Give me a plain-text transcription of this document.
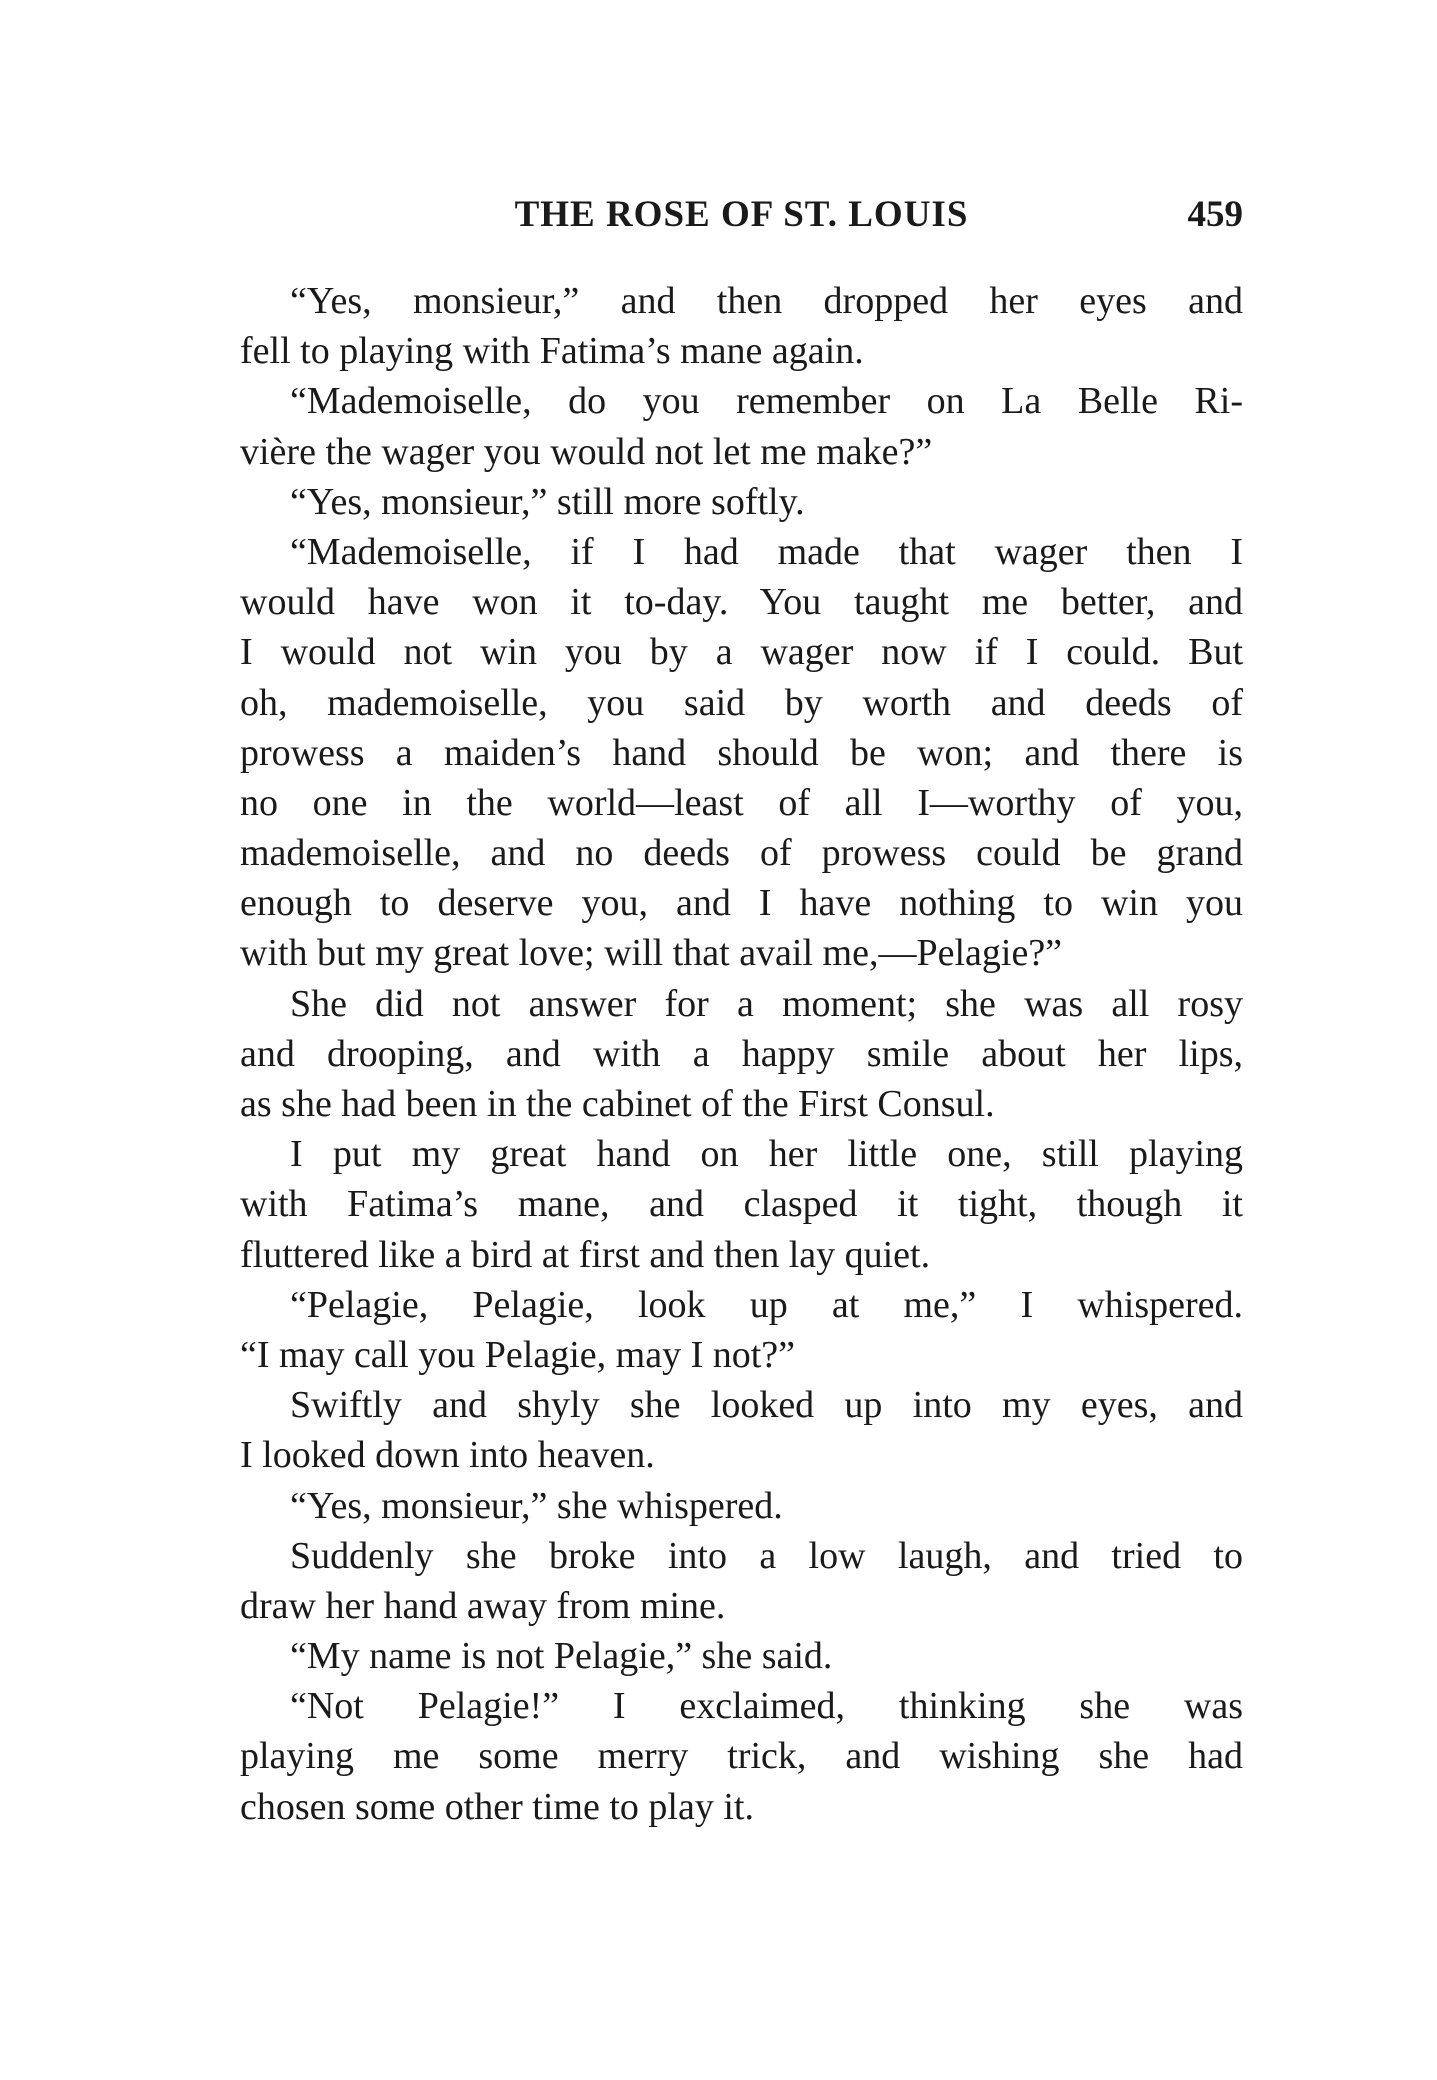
THE ROSE OF ST. LOUIS	459
“Yes, monsieur,” and then dropped her eyes and
fell to playing with Fatima’s mane again.
“Mademoiselle, do you remember on La Belle Ri-
vière the wager you would not let me make?”
“Yes, monsieur,” still more softly.
“Mademoiselle, if I had made that wager then I
would have won it to-day. You taught me better, and
I would not win you by a wager now if I could. But
oh, mademoiselle, you said by worth and deeds of
prowess a maiden’s hand should be won; and there is
no one in the world—least of all I—worthy of you,
mademoiselle, and no deeds of prowess could be grand
enough to deserve you, and I have nothing to win you
with but my great love; will that avail me,—Pelagie?”
She did not answer for a moment; she was all rosy
and drooping, and with a happy smile about her lips,
as she had been in the cabinet of the First Consul.
I put my great hand on her little one, still playing
with Fatima’s mane, and clasped it tight, though it
fluttered like a bird at first and then lay quiet.
“Pelagie, Pelagie, look up at me,” I whispered.
“I may call you Pelagie, may I not?”
Swiftly and shyly she looked up into my eyes, and
I looked down into heaven.
“Yes, monsieur,” she whispered.
Suddenly she broke into a low laugh, and tried to
draw her hand away from mine.
“My name is not Pelagie,” she said.
“Not Pelagie!” I exclaimed, thinking she was
playing me some merry trick, and wishing she had
chosen some other time to play it.
